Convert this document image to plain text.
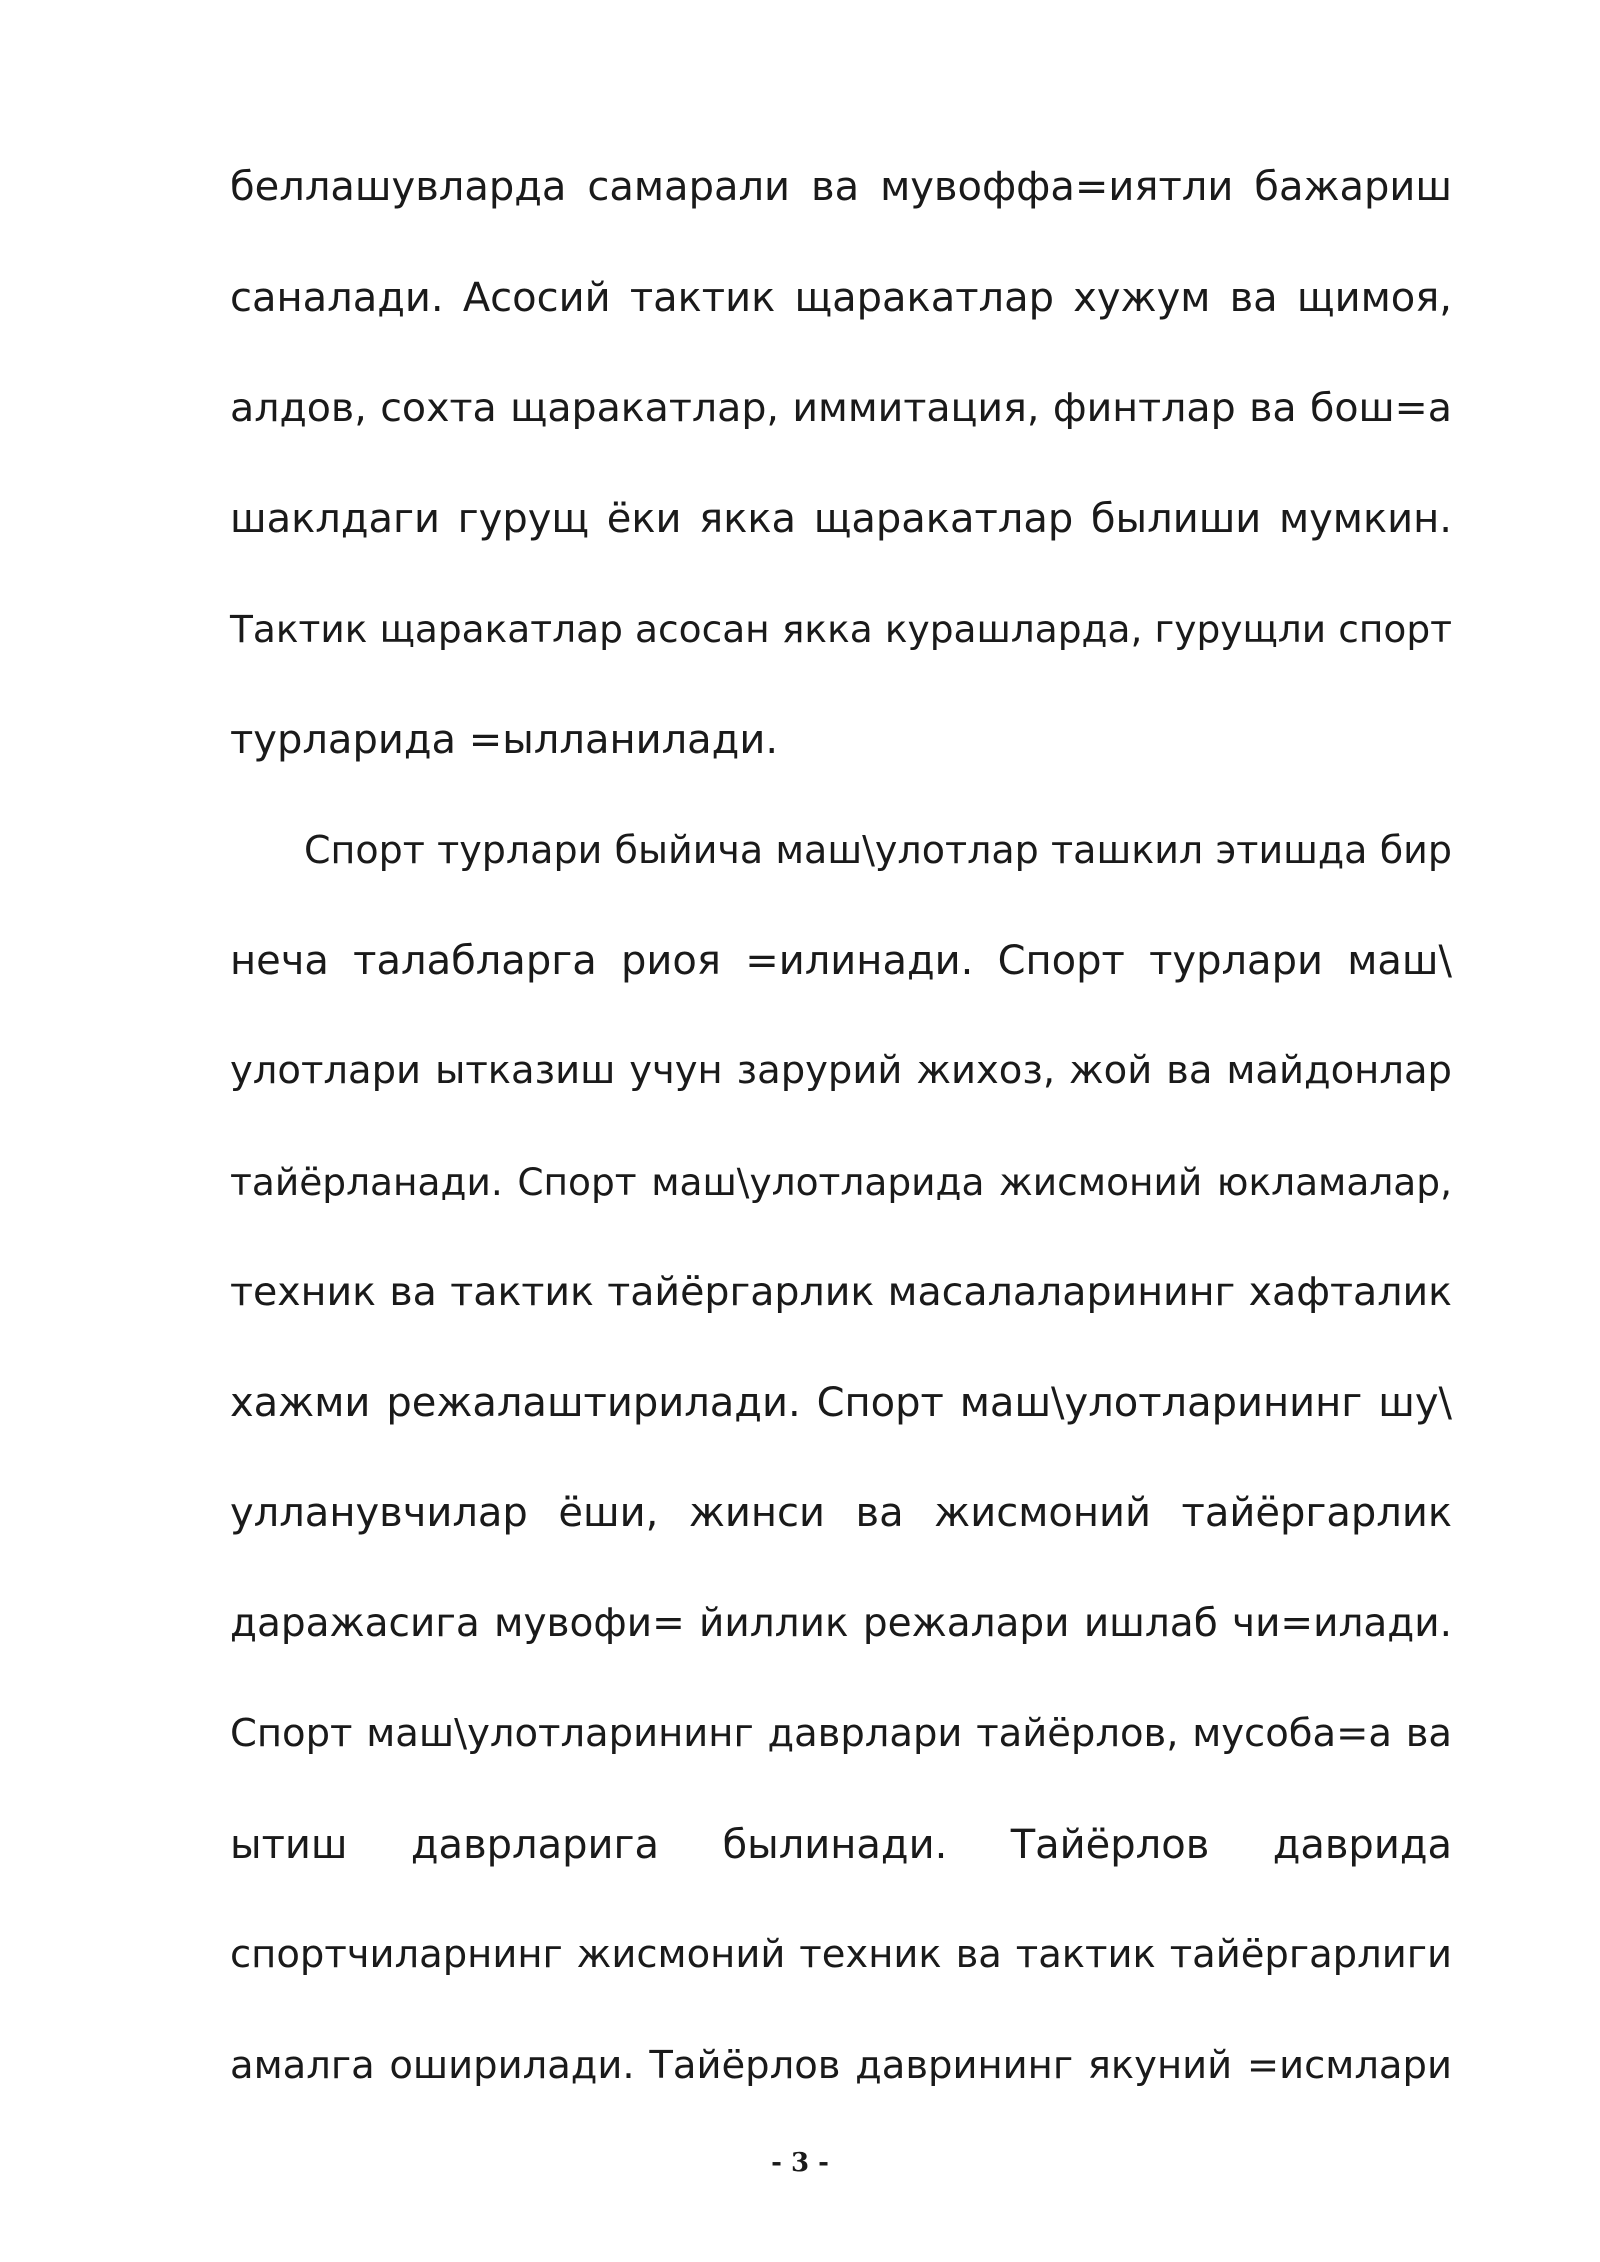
беллашувларда самарали ва мувоффа=иятли бажариш
саналади. Асосий тактик щаракатлар хужум ва щимоя,
алдов, сохта щаракатлар, иммитация, финтлар ва бош=а
шаклдаги гурущ ёки якка щаракатлар былиши мумкин.
Тактик щаракатлар асосан якка курашларда, гурущли спорт
турларида =ылланилади.
Спорт турлари быйича маш\улотлар ташкил этишда бир
неча талабларга риоя =илинади. Спорт турлари маш\
улотлари ыткaзиш учун зарурий жихоз, жой ва майдонлар
тайёрланади. Спорт маш\улотларида жисмоний юкламалар,
техник ва тактик тайёргарлик масалаларининг хафталик
хажми режалаштирилади. Спорт маш\улотларининг шу\
улланувчилар ёши, жинси ва жисмоний тайёргарлик
даражасига мувофи= йиллик режалари ишлаб чи=илади.
Спорт маш\улотларининг даврлари тайёрлов, мусоба=а ва
ытиш даврларига былинади. Тайёрлов даврида
спортчиларнинг жисмоний техник ва тактик тайёргарлиги
амалга оширилади. Тайёрлов даврининг якуний =исмлари
- 3 -
